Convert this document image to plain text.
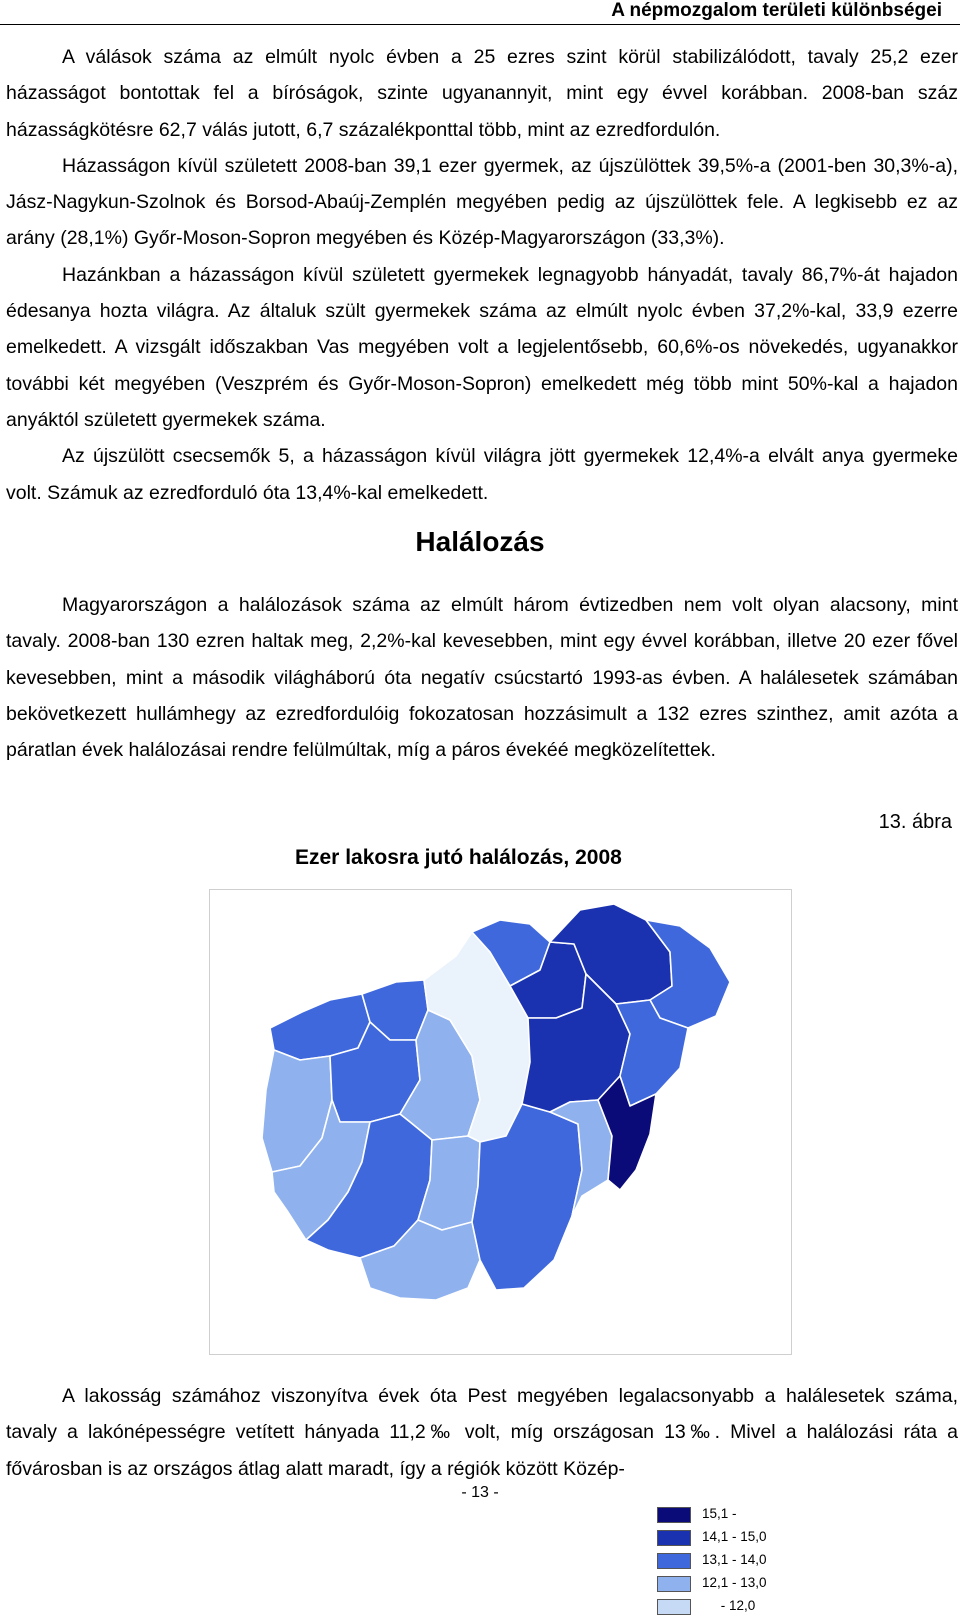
A népmozgalom területi különbségei

A válások száma az elmúlt nyolc évben a 25 ezres szint körül stabilizálódott, tavaly 25,2 ezer házasságot bontottak fel a bíróságok, szinte ugyanannyit, mint egy évvel korábban. 2008-ban száz házasságkötésre 62,7 válás jutott, 6,7 százalékponttal több, mint az ezredfordulón.

Házasságon kívül született 2008-ban 39,1 ezer gyermek, az újszülöttek 39,5%-a (2001-ben 30,3%-a), Jász-Nagykun-Szolnok és Borsod-Abaúj-Zemplén megyében pedig az újszülöttek fele. A legkisebb ez az arány (28,1%) Győr-Moson-Sopron megyében és Közép-Magyarországon (33,3%).

Hazánkban a házasságon kívül született gyermekek legnagyobb hányadát, tavaly 86,7%-át hajadon édesanya hozta világra. Az általuk szült gyermekek száma az elmúlt nyolc évben 37,2%-kal, 33,9 ezerre emelkedett. A vizsgált időszakban Vas megyében volt a legjelentősebb, 60,6%-os növekedés, ugyanakkor további két megyében (Veszprém és Győr-Moson-Sopron) emelkedett még több mint 50%-kal a hajadon anyáktól született gyermekek száma.

Az újszülött csecsemők 5, a házasságon kívül világra jött gyermekek 12,4%-a elvált anya gyermeke volt. Számuk az ezredforduló óta 13,4%-kal emelkedett.

Halálozás

Magyarországon a halálozások száma az elmúlt három évtizedben nem volt olyan alacsony, mint tavaly. 2008-ban 130 ezren haltak meg, 2,2%-kal kevesebben, mint egy évvel korábban, illetve 20 ezer fővel kevesebben, mint a második világháború óta negatív csúcstartó 1993-as évben. A halálesetek számában bekövetkezett hullámhegy az ezredfordulóig fokozatosan hozzásimult a 132 ezres szinthez, amit azóta a páratlan évek halálozásai rendre felülmúltak, míg a páros évekéé megközelítettek.

13. ábra
Ezer lakosra jutó halálozás, 2008
15,1 -
14,1 - 15,0
13,1 - 14,0
12,1 - 13,0
- 12,0

A lakosság számához viszonyítva évek óta Pest megyében legalacsonyabb a halálesetek száma, tavaly a lakónépességre vetített hányada 11,2‰ volt, míg országosan 13‰. Mivel a halálozási ráta a fővárosban is az országos átlag alatt maradt, így a régiók között Közép-

- 13 -
